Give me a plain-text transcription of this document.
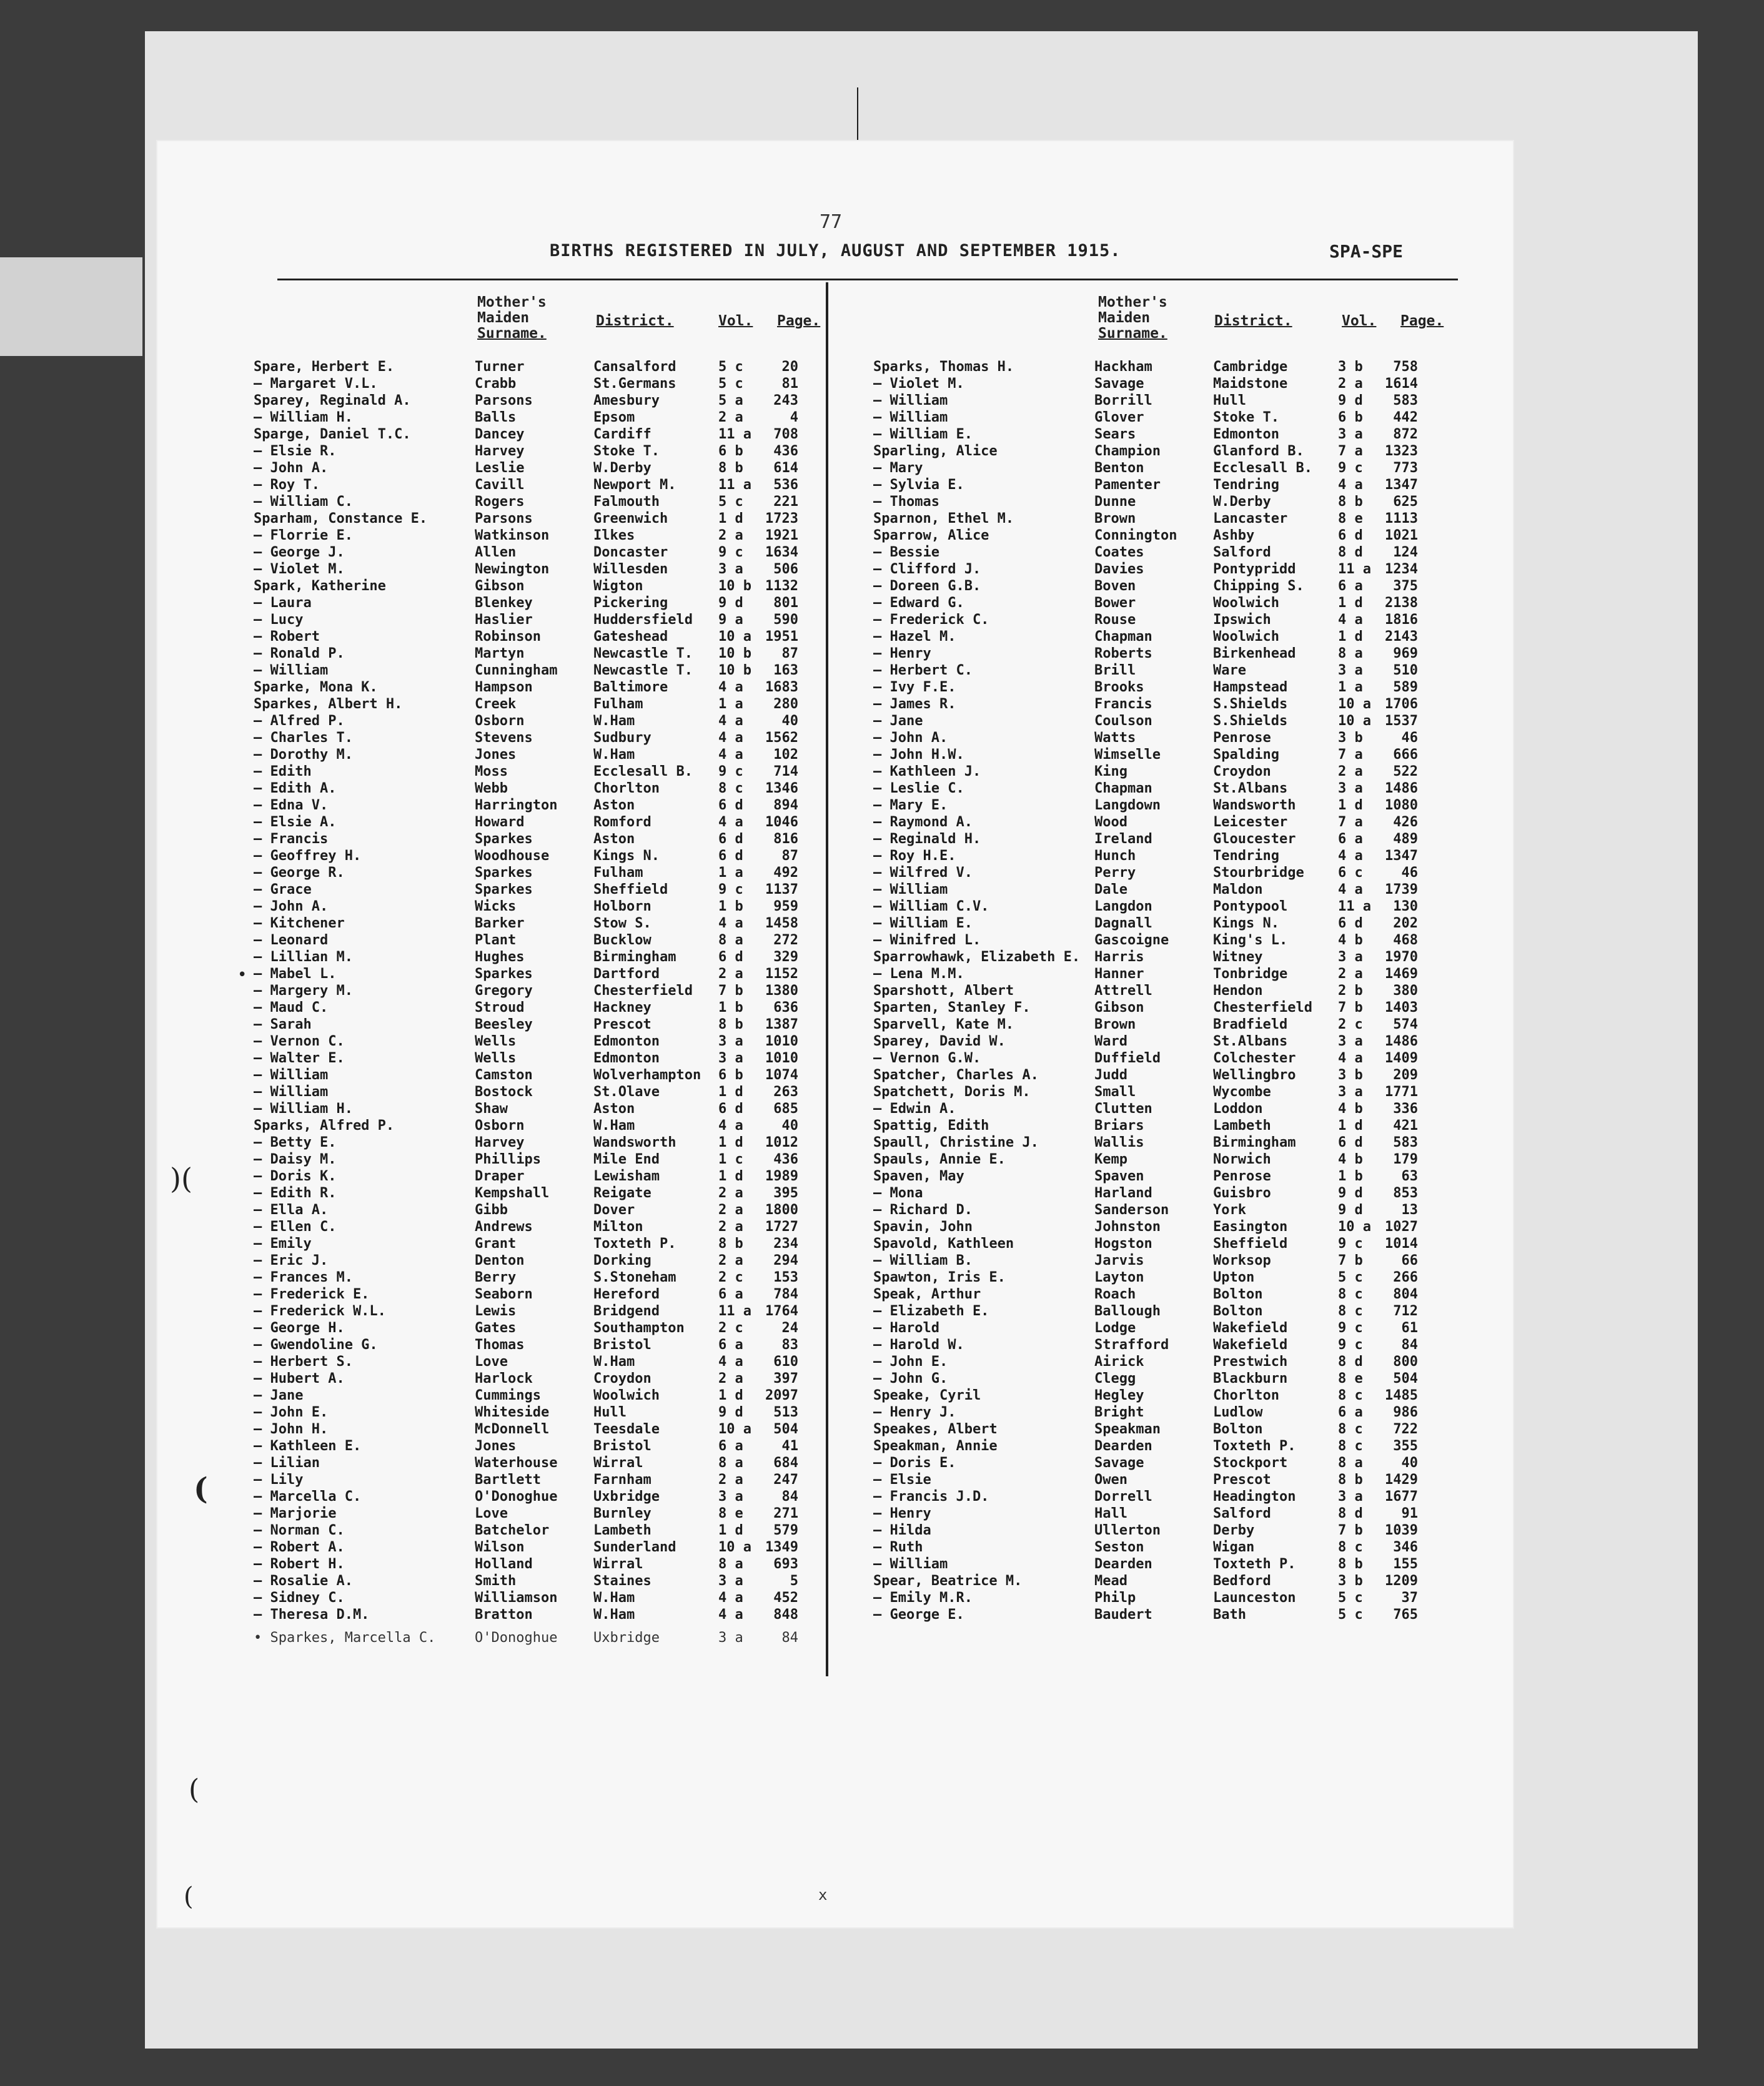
77
BIRTHS REGISTERED IN JULY, AUGUST AND SEPTEMBER 1915.	SPA-SPE
Mother's
Maiden
Surname.
District.	Vol. Page.
Mother's
Maiden
Surname.
District.	Vol. Page.
Spare, Herbert E.	Turner	Cansalford	5 c	20
— Margaret V.L.	Crabb	St.Germans	5 c	81
Sparey, Reginald A.	Parsons	Amesbury	5 a	243
— William H.	Balls	Epsom	2 a	4
Sparge, Daniel T.C.	Dancey	Cardiff	11 a	708
— Elsie R.	Harvey	Stoke T.	6 b	436
— John A.	Leslie	W.Derby	8 b	614
— Roy T.	Cavill	Newport M.	11 a	536
— William C.	Rogers	Falmouth	5 c	221
Sparham, Constance E.	Parsons	Greenwich	1 d	1723
— Florrie E.	Watkinson	Ilkes	2 a	1921
— George J.	Allen	Doncaster	9 c	1634
— Violet M.	Newington	Willesden	3 a	506
Spark, Katherine	Gibson	Wigton	10 b	1132
— Laura	Blenkey	Pickering	9 d	801
— Lucy	Haslier	Huddersfield	9 a	590
— Robert	Robinson	Gateshead	10 a	1951
— Ronald P.	Martyn	Newcastle T.	10 b	87
— William	Cunningham	Newcastle T.	10 b	163
Sparke, Mona K.	Hampson	Baltimore	4 a	1683
Sparkes, Albert H.	Creek	Fulham	1 a	280
— Alfred P.	Osborn	W.Ham	4 a	40
— Charles T.	Stevens	Sudbury	4 a	1562
— Dorothy M.	Jones	W.Ham	4 a	102
— Edith	Moss	Ecclesall B.	9 c	714
— Edith A.	Webb	Chorlton	8 c	1346
— Edna V.	Harrington	Aston	6 d	894
— Elsie A.	Howard	Romford	4 a	1046
— Francis	Sparkes	Aston	6 d	816
— Geoffrey H.	Woodhouse	Kings N.	6 d	87
— George R.	Sparkes	Fulham	1 a	492
— Grace	Sparkes	Sheffield	9 c	1137
— John A.	Wicks	Holborn	1 b	959
— Kitchener	Barker	Stow S.	4 a	1458
— Leonard	Plant	Bucklow	8 a	272
— Lillian M.	Hughes	Birmingham	6 d	329
— Mabel L.	Sparkes	Dartford	2 a	1152
— Margery M.	Gregory	Chesterfield	7 b	1380
— Maud C.	Stroud	Hackney	1 b	636
— Sarah	Beesley	Prescot	8 b	1387
— Vernon C.	Wells	Edmonton	3 a	1010
— Walter E.	Wells	Edmonton	3 a	1010
— William	Camston	Wolverhampton	6 b	1074
— William	Bostock	St.Olave	1 d	263
— William H.	Shaw	Aston	6 d	685
Sparks, Alfred P.	Osborn	W.Ham	4 a	40
— Betty E.	Harvey	Wandsworth	1 d	1012
— Daisy M.	Phillips	Mile End	1 c	436
— Doris K.	Draper	Lewisham	1 d	1989
— Edith R.	Kempshall	Reigate	2 a	395
— Ella A.	Gibb	Dover	2 a	1800
— Ellen C.	Andrews	Milton	2 a	1727
— Emily	Grant	Toxteth P.	8 b	234
— Eric J.	Denton	Dorking	2 a	294
— Frances M.	Berry	S.Stoneham	2 c	153
— Frederick E.	Seaborn	Hereford	6 a	784
— Frederick W.L.	Lewis	Bridgend	11 a	1764
— George H.	Gates	Southampton	2 c	24
— Gwendoline G.	Thomas	Bristol	6 a	83
— Herbert S.	Love	W.Ham	4 a	610
— Hubert A.	Harlock	Croydon	2 a	397
— Jane	Cummings	Woolwich	1 d	2097
— John E.	Whiteside	Hull	9 d	513
— John H.	McDonnell	Teesdale	10 a	504
— Kathleen E.	Jones	Bristol	6 a	41
— Lilian	Waterhouse	Wirral	8 a	684
— Lily	Bartlett	Farnham	2 a	247
— Marcella C.	O'Donoghue	Uxbridge	3 a	84
— Marjorie	Love	Burnley	8 e	271
— Norman C.	Batchelor	Lambeth	1 d	579
— Robert A.	Wilson	Sunderland	10 a	1349
— Robert H.	Holland	Wirral	8 a	693
— Rosalie A.	Smith	Staines	3 a	5
— Sidney C.	Williamson	W.Ham	4 a	452
— Theresa D.M.	Bratton	W.Ham	4 a	848
• Sparkes, Marcella C.	O'Donoghue	Uxbridge	3 a	84
Sparks, Thomas H.	Hackham	Cambridge	3 b	758
— Violet M.	Savage	Maidstone	2 a	1614
— William	Borrill	Hull	9 d	583
— William	Glover	Stoke T.	6 b	442
— William E.	Sears	Edmonton	3 a	872
Sparling, Alice	Champion	Glanford B.	7 a	1323
— Mary	Benton	Ecclesall B.	9 c	773
— Sylvia E.	Pamenter	Tendring	4 a	1347
— Thomas	Dunne	W.Derby	8 b	625
Sparnon, Ethel M.	Brown	Lancaster	8 e	1113
Sparrow, Alice	Connington	Ashby	6 d	1021
— Bessie	Coates	Salford	8 d	124
— Clifford J.	Davies	Pontypridd	11 a	1234
— Doreen G.B.	Boven	Chipping S.	6 a	375
— Edward G.	Bower	Woolwich	1 d	2138
— Frederick C.	Rouse	Ipswich	4 a	1816
— Hazel M.	Chapman	Woolwich	1 d	2143
— Henry	Roberts	Birkenhead	8 a	969
— Herbert C.	Brill	Ware	3 a	510
— Ivy F.E.	Brooks	Hampstead	1 a	589
— James R.	Francis	S.Shields	10 a	1706
— Jane	Coulson	S.Shields	10 a	1537
— John A.	Watts	Penrose	3 b	46
— John H.W.	Wimselle	Spalding	7 a	666
— Kathleen J.	King	Croydon	2 a	522
— Leslie C.	Chapman	St.Albans	3 a	1486
— Mary E.	Langdown	Wandsworth	1 d	1080
— Raymond A.	Wood	Leicester	7 a	426
— Reginald H.	Ireland	Gloucester	6 a	489
— Roy H.E.	Hunch	Tendring	4 a	1347
— Wilfred V.	Perry	Stourbridge	6 c	46
— William	Dale	Maldon	4 a	1739
— William C.V.	Langdon	Pontypool	11 a	130
— William E.	Dagnall	Kings N.	6 d	202
— Winifred L.	Gascoigne	King's L.	4 b	468
Sparrowhawk, Elizabeth E.	Harris	Witney	3 a	1970
— Lena M.M.	Hanner	Tonbridge	2 a	1469
Sparshott, Albert	Attrell	Hendon	2 b	380
Sparten, Stanley F.	Gibson	Chesterfield	7 b	1403
Sparvell, Kate M.	Brown	Bradfield	2 c	574
Sparey, David W.	Ward	St.Albans	3 a	1486
— Vernon G.W.	Duffield	Colchester	4 a	1409
Spatcher, Charles A.	Judd	Wellingbro	3 b	209
Spatchett, Doris M.	Small	Wycombe	3 a	1771
— Edwin A.	Clutten	Loddon	4 b	336
Spattig, Edith	Briars	Lambeth	1 d	421
Spaull, Christine J.	Wallis	Birmingham	6 d	583
Spauls, Annie E.	Kemp	Norwich	4 b	179
Spaven, May	Spaven	Penrose	1 b	63
— Mona	Harland	Guisbro	9 d	853
— Richard D.	Sanderson	York	9 d	13
Spavin, John	Johnston	Easington	10 a	1027
Spavold, Kathleen	Hogston	Sheffield	9 c	1014
— William B.	Jarvis	Worksop	7 b	66
Spawton, Iris E.	Layton	Upton	5 c	266
Speak, Arthur	Roach	Bolton	8 c	804
— Elizabeth E.	Ballough	Bolton	8 c	712
— Harold	Lodge	Wakefield	9 c	61
— Harold W.	Strafford	Wakefield	9 c	84
— John E.	Airick	Prestwich	8 d	800
— John G.	Clegg	Blackburn	8 e	504
Speake, Cyril	Hegley	Chorlton	8 c	1485
— Henry J.	Bright	Ludlow	6 a	986
Speakes, Albert	Speakman	Bolton	8 c	722
Speakman, Annie	Dearden	Toxteth P.	8 c	355
— Doris E.	Savage	Stockport	8 a	40
— Elsie	Owen	Prescot	8 b	1429
— Francis J.D.	Dorrell	Headington	3 a	1677
— Henry	Hall	Salford	8 d	91
— Hilda	Ullerton	Derby	7 b	1039
— Ruth	Seston	Wigan	8 c	346
— William	Dearden	Toxteth P.	8 b	155
Spear, Beatrice M.	Mead	Bedford	3 b	1209
— Emily M.R.	Philp	Launceston	5 c	37
— George E.	Baudert	Bath	5 c	765
x
)(
(
(
(
•
